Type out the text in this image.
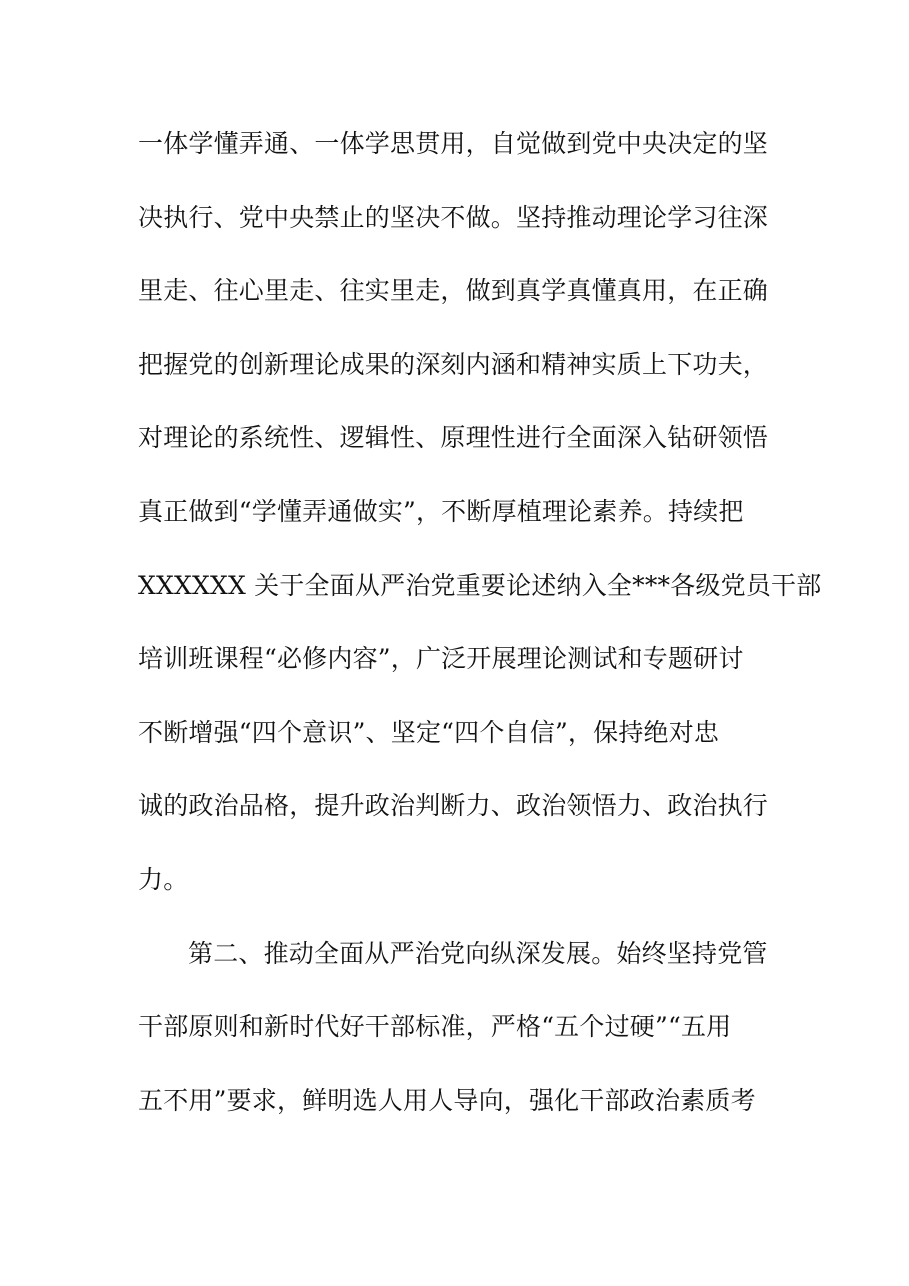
一体学懂弄通、一体学思贯用，自觉做到党中央决定的坚
决执行、党中央禁止的坚决不做。坚持推动理论学习往深
里走、往心里走、往实里走，做到真学真懂真用，在正确
把握党的创新理论成果的深刻内涵和精神实质上下功夫，
对理论的系统性、逻辑性、原理性进行全面深入钻研领悟
真正做到“学懂弄通做实”，不断厚植理论素养。持续把
XXXXXX 关于全面从严治党重要论述纳入全***各级党员干部
培训班课程“必修内容”，广泛开展理论测试和专题研讨
不断增强“四个意识”、坚定“四个自信”，保持绝对忠
诚的政治品格，提升政治判断力、政治领悟力、政治执行
力。
第二、推动全面从严治党向纵深发展。始终坚持党管
干部原则和新时代好干部标准，严格“五个过硬”“五用
五不用”要求，鲜明选人用人导向，强化干部政治素质考
